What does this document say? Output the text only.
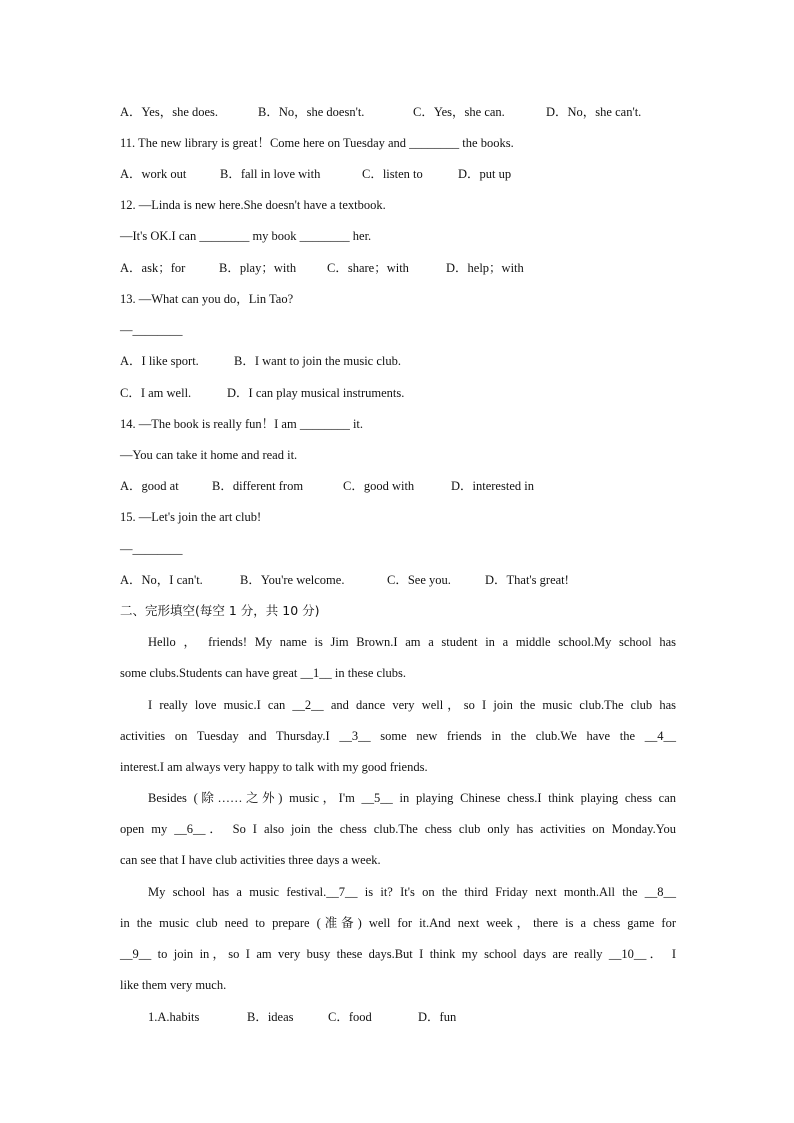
A．Yes，she does.	B．No，she doesn't.	C．Yes，she can.	D．No，she can't.
11. The new library is great！Come here on Tuesday and ________ the books.
A．work out	B．fall in love with	C．listen to	D．put up
12. —Linda is new here.She doesn't have a textbook.
—It's OK.I can ________ my book ________ her.
A．ask；for	B．play；with C．share；with	D．help；with
13. —What can you do，Lin Tao?
—________
A．I like sport.	B．I want to join the music club.
C．I am well.	D．I can play musical instruments.
14. —The book is really fun！I am ________ it.
—You can take it home and read it.
A．good at	B．different from	C．good with	D．interested in
15. —Let's join the art club!
—________
A．No，I can't.	B．You're welcome.	C．See you.	D．That's great!
二、完形填空(每空 1 分，共 10 分)
Hello ， friends! My name is Jim Brown.I am a student in a middle school.My school has
some clubs.Students can have great __1__ in these clubs.
I really love music.I can __2__ and dance very well，so I join the music club.The club has
activities on Tuesday and Thursday.I __3__ some new friends in the club.We have the __4__
interest.I am always very happy to talk with my good friends.
Besides (除……之外) music，I'm __5__ in playing Chinese chess.I think playing chess can
open my __6__． So I also join the chess club.The chess club only has activities on Monday.You
can see that I have club activities three days a week.
My school has a music festival.__7__ is it? It's on the third Friday next month.All the __8__
in the music club need to prepare (准备) well for it.And next week，there is a chess game for
__9__ to join in，so I am very busy these days.But I think my school days are really __10__． I
like them very much.
1.A.habits	B．ideas	C．food	D．fun
